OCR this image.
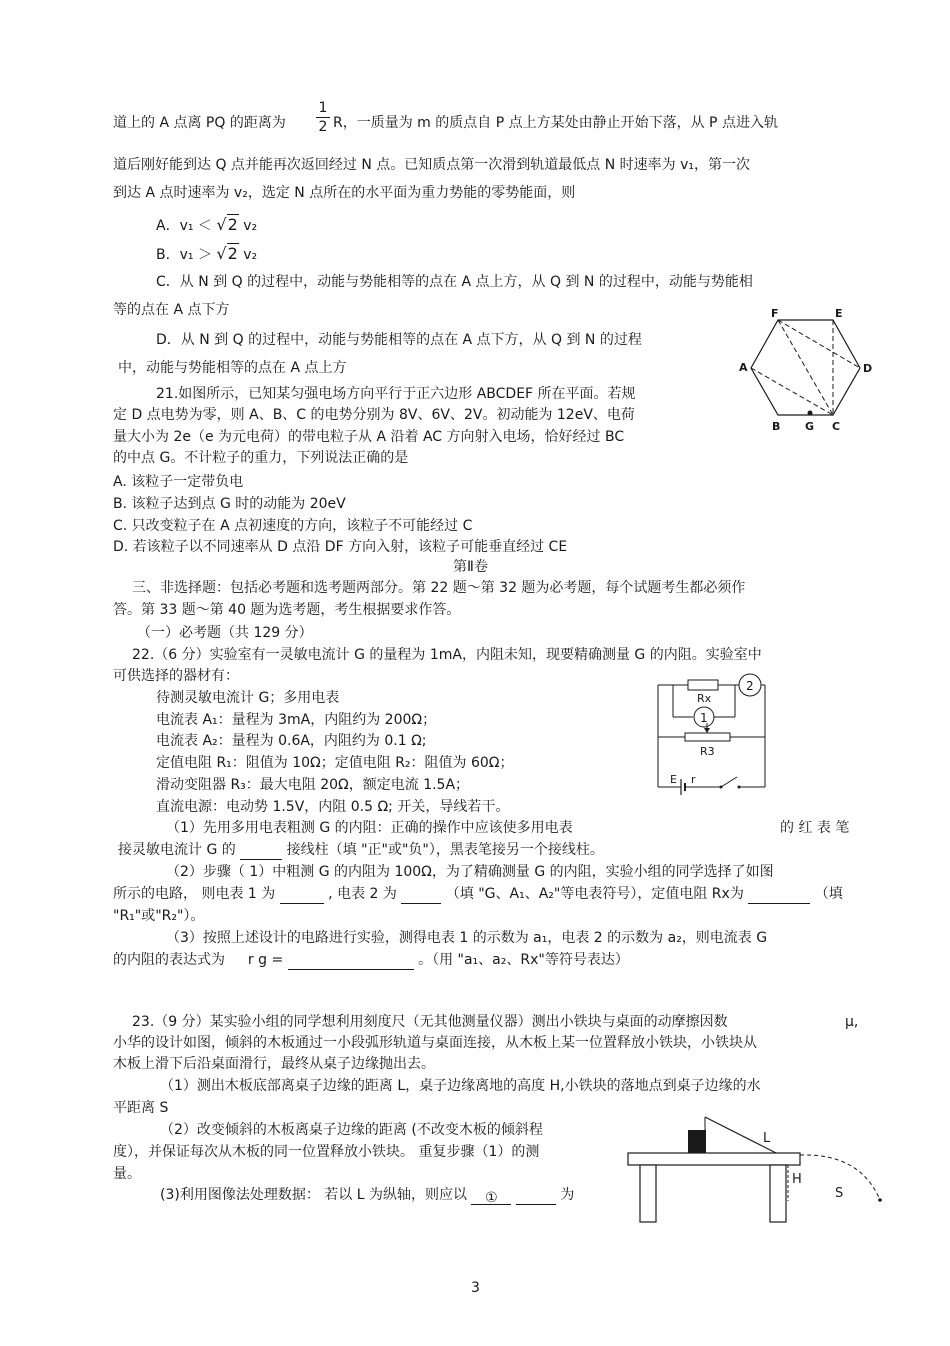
道上的 A 点离 PQ 的距离为
1
2 R，一质量为 m 的质点自 P 点上方某处由静止开始下落，从 P 点进入轨
道后刚好能到达 Q 点并能再次返回经过 N 点。已知质点第一次滑到轨道最低点 N 时速率为 v₁，第一次
到达 A 点时速率为 v₂，选定 N 点所在的水平面为重力势能的零势能面，则
A．v₁ ＜ √2 v₂
B．v₁ ＞ √2 v₂
C．从 N 到 Q 的过程中，动能与势能相等的点在 A 点上方，从 Q 到 N 的过程中，动能与势能相
等的点在 A 点下方
D．从 N 到 Q 的过程中，动能与势能相等的点在 A 点下方，从 Q 到 N 的过程
中，动能与势能相等的点在 A 点上方
F	E
A	D
B G C
21.如图所示，已知某匀强电场方向平行于正六边形 ABCDEF 所在平面。若规
定 D 点电势为零，则 A、B、C 的电势分别为 8V、6V、2V。初动能为 12eV、电荷
量大小为 2e（e 为元电荷）的带电粒子从 A 沿着 AC 方向射入电场，恰好经过 BC
的中点 G。不计粒子的重力，下列说法正确的是
A. 该粒子一定带负电
B. 该粒子达到点 G 时的动能为 20eV
C. 只改变粒子在 A 点初速度的方向，该粒子不可能经过 C
D. 若该粒子以不同速率从 D 点沿 DF 方向入射，该粒子可能垂直经过 CE
第Ⅱ卷
三、非选择题：包括必考题和选考题两部分。第 22 题～第 32 题为必考题，每个试题考生都必须作
答。第 33 题～第 40 题为选考题，考生根据要求作答。
（一）必考题（共 129 分）
22.（6 分）实验室有一灵敏电流计 G 的量程为 1mA，内阻未知，现要精确测量 G 的内阻。实验室中
可供选择的器材有：
待测灵敏电流计 G；多用电表
电流表 A₁：量程为 3mA，内阻约为 200Ω；
电流表 A₂：量程为 0.6A，内阻约为 0.1 Ω;
定值电阻 R₁：阻值为 10Ω；定值电阻 R₂：阻值为 60Ω；
滑动变阻器 R₃：最大电阻 20Ω，额定电流 1.5A；
直流电源：电动势 1.5V，内阻 0.5 Ω; 开关，导线若干。
2
Rx
1
R3
E r
（1）先用多用电表粗测 G 的内阻：正确的操作中应该使多用电表	的 红 表 笔
接灵敏电流计 G 的	接线柱（填 "正"或"负"），黑表笔接另一个接线柱。
（2）步骤（ 1）中粗测 G 的内阻为 100Ω，为了精确测量 G 的内阻，实验小组的同学选择了如图
所示的电路， 则电表 1 为	, 电表 2 为	（填 "G、A₁、A₂"等电表符号），定值电阻 Rx为	（填
"R₁"或"R₂"）。
（3）按照上述设计的电路进行实验，测得电表 1 的示数为 a₁，电表 2 的示数为 a₂，则电流表 G
的内阻的表达式为 r g =	。（用 "a₁、a₂、Rx"等符号表达）
23.（9 分）某实验小组的同学想利用刻度尺（无其他测量仪器）测出小铁块与桌面的动摩擦因数	μ,
小华的设计如图，倾斜的木板通过一小段弧形轨道与桌面连接，从木板上某一位置释放小铁块，小铁块从
木板上滑下后沿桌面滑行，最终从桌子边缘抛出去。
（1）测出木板底部离桌子边缘的距离 L，桌子边缘离地的高度 H,小铁块的落地点到桌子边缘的水
平距离 S
（2）改变倾斜的木板离桌子边缘的距离 (不改变木板的倾斜程
度），并保证每次从木板的同一位置释放小铁块。 重复步骤（1）的测
量。
(3)利用图像法处理数据： 若以 L 为纵轴，则应以 ①	为
L
H
S
3
